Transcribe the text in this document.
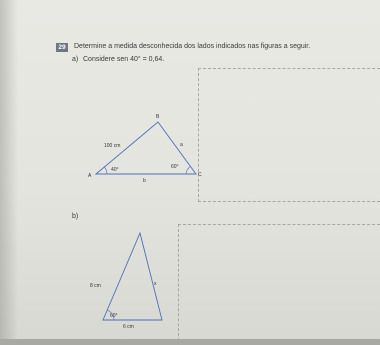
29	Determine a medida desconhecida dos lados indicados nas figuras a seguir.
a) Considere sen 40° = 0,64.
b)
B
A	C
100 cm	a
b
40°	60°
8 cm	x
6 cm
60°
